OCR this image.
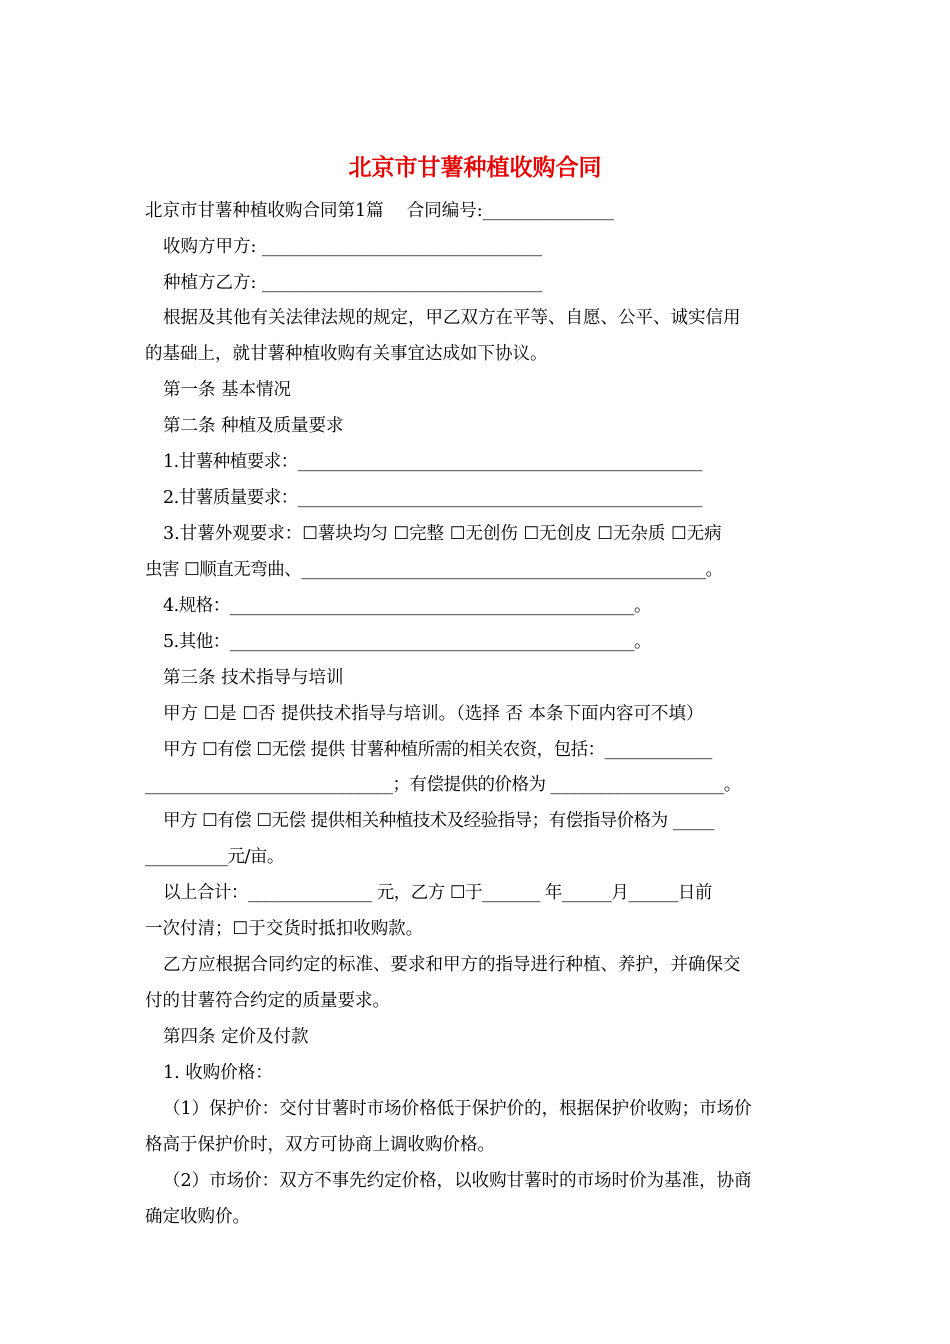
北京市甘薯种植收购合同
北京市甘薯种植收购合同第1篇　 合同编号:_______________
收购方甲方: ________________________________
种植方乙方: ________________________________
根据及其他有关法律法规的规定，甲乙双方在平等、自愿、公平、诚实信用
的基础上，就甘薯种植收购有关事宜达成如下协议。
第一条 基本情况
第二条 种植及质量要求
1.甘薯种植要求：_________________________________________________
2.甘薯质量要求：_________________________________________________
3.甘薯外观要求：☐薯块均匀 ☐完整 ☐无创伤 ☐无创皮 ☐无杂质 ☐无病
虫害 ☐顺直无弯曲、_________________________________________________。
4.规格：_________________________________________________。
5.其他：_________________________________________________。
第三条 技术指导与培训
甲方 ☐是 ☐否 提供技术指导与培训。（选择 否 本条下面内容可不填）
甲方 ☐有偿 ☐无偿 提供 甘薯种植所需的相关农资，包括：_____________
______________________________；有偿提供的价格为 _____________________。
甲方 ☐有偿 ☐无偿 提供相关种植技术及经验指导；有偿指导价格为 _____
__________元/亩。
以上合计：_______________ 元，乙方 ☐于_______ 年______月______日前
一次付清；☐于交货时抵扣收购款。
乙方应根据合同约定的标准、要求和甲方的指导进行种植、养护，并确保交
付的甘薯符合约定的质量要求。
第四条 定价及付款
1. 收购价格：
（1）保护价：交付甘薯时市场价格低于保护价的，根据保护价收购；市场价
格高于保护价时，双方可协商上调收购价格。
（2）市场价：双方不事先约定价格，以收购甘薯时的市场时价为基准，协商
确定收购价。
